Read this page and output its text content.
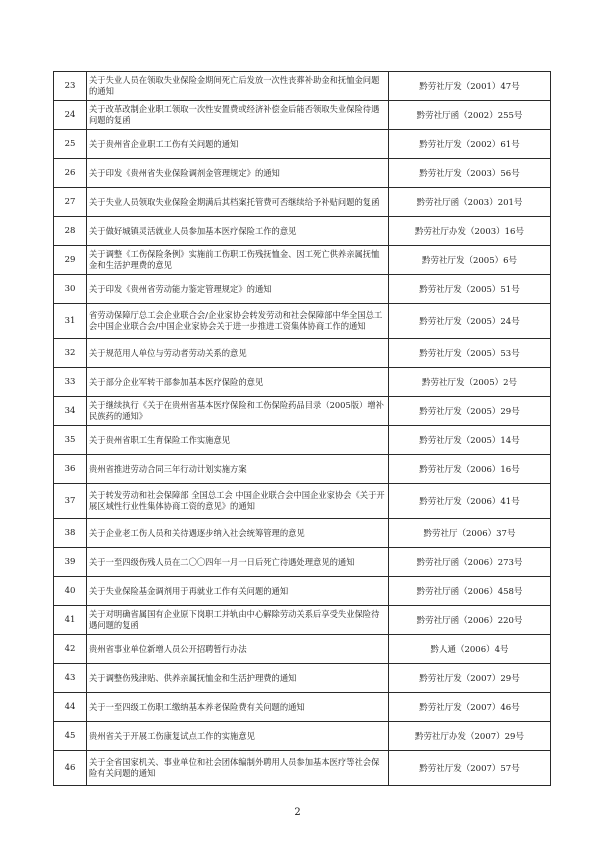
23	关于失业人员在领取失业保险金期间死亡后发放一次性丧葬补助金和抚恤金问题的通知	黔劳社厅发（2001）47号
24	关于改革改制企业职工领取一次性安置费或经济补偿金后能否领取失业保险待遇问题的复函	黔劳社厅函（2002）255号
25	关于贵州省企业职工工伤有关问题的通知	黔劳社厅发（2002）61号
26	关于印发《贵州省失业保险调剂金管理规定》的通知	黔劳社厅发（2003）56号
27	关于失业人员领取失业保险金期满后其档案托管费可否继续给予补贴问题的复函	黔劳社厅函（2003）201号
28	关于做好城镇灵活就业人员参加基本医疗保险工作的意见	黔劳社厅办发（2003）16号
29	关于调整《工伤保险条例》实施前工伤职工伤残抚恤金、因工死亡供养亲属抚恤金和生活护理费的意见	黔劳社厅发（2005）6号
30	关于印发《贵州省劳动能力鉴定管理规定》的通知	黔劳社厅发（2005）51号
31	省劳动保障厅总工会企业联合会/企业家协会转发劳动和社会保障部中华全国总工会中国企业联合会/中国企业家协会关于进一步推进工资集体协商工作的通知	黔劳社厅发（2005）24号
32	关于规范用人单位与劳动者劳动关系的意见	黔劳社厅发（2005）53号
33	关于部分企业军转干部参加基本医疗保险的意见	黔劳社厅发（2005）2号
34	关于继续执行《关于在贵州省基本医疗保险和工伤保险药品目录（2005版）增补民族药的通知》	黔劳社厅发（2005）29号
35	关于贵州省职工生育保险工作实施意见	黔劳社厅发（2005）14号
36	贵州省推进劳动合同三年行动计划实施方案	黔劳社厅发（2006）16号
37	关于转发劳动和社会保障部 全国总工会 中国企业联合会中国企业家协会《关于开展区域性行业性集体协商工资的意见》的通知	黔劳社厅发（2006）41号
38	关于企业老工伤人员和关待遇逐步纳入社会统筹管理的意见	黔劳社厅（2006）37号
39	关于一至四级伤残人员在二〇〇四年一月一日后死亡待遇处理意见的通知	黔劳社厅函（2006）273号
40	关于失业保险基金调剂用于再就业工作有关问题的通知	黔劳社厅函（2006）458号
41	关于对明确省属国有企业原下岗职工并轨由中心解除劳动关系后享受失业保险待遇问题的复函	黔劳社厅函（2006）220号
42	贵州省事业单位新增人员公开招聘暂行办法	黔人通（2006）4号
43	关于调整伤残津贴、供养亲属抚恤金和生活护理费的通知	黔劳社厅发（2007）29号
44	关于一至四级工伤职工缴纳基本养老保险费有关问题的通知	黔劳社厅发（2007）46号
45	贵州省关于开展工伤康复试点工作的实施意见	黔劳社厅办发（2007）29号
46	关于全省国家机关、事业单位和社会团体编制外聘用人员参加基本医疗等社会保险有关问题的通知	黔劳社厅发（2007）57号
2
